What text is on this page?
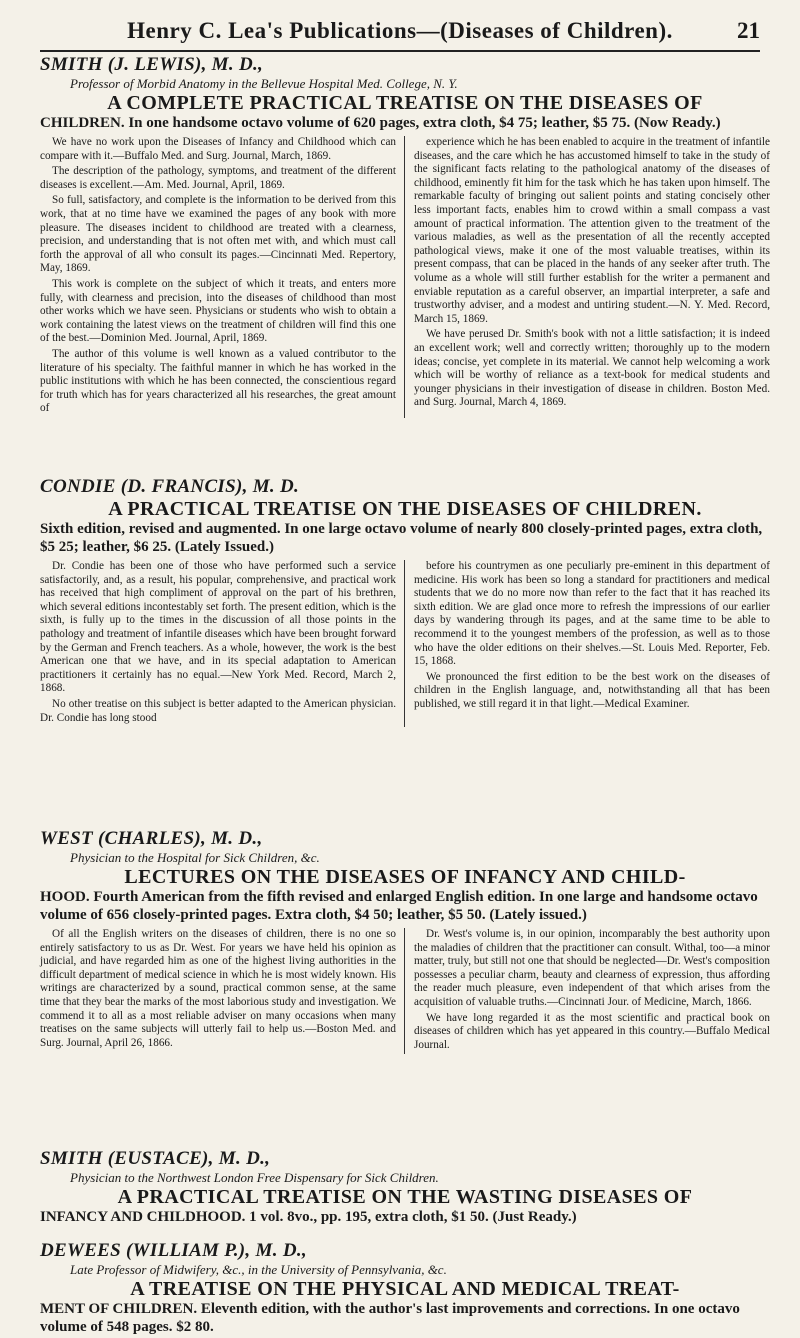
Henry C. Lea's Publications—(Diseases of Children).	21
SMITH (J. LEWIS), M. D.,
Professor of Morbid Anatomy in the Bellevue Hospital Med. College, N. Y.
A COMPLETE PRACTICAL TREATISE ON THE DISEASES OF
CHILDREN. In one handsome octavo volume of 620 pages, extra cloth, $4 75; leather, $5 75. (Now Ready.)

We have no work upon the Diseases of Infancy and Childhood which can compare with it.—Buffalo Med. and Surg. Journal, March, 1869.

The description of the pathology, symptoms, and treatment of the different diseases is excellent.—Am. Med. Journal, April, 1869.

So full, satisfactory, and complete is the information to be derived from this work, that at no time have we examined the pages of any book with more pleasure. The diseases incident to childhood are treated with a clearness, precision, and understanding that is not often met with, and which must call forth the approval of all who consult its pages.—Cincinnati Med. Repertory, May, 1869.

This work is complete on the subject of which it treats, and enters more fully, with clearness and precision, into the diseases of childhood than most other works which we have seen. Physicians or students who wish to obtain a work containing the latest views on the treatment of children will find this one of the best.—Dominion Med. Journal, April, 1869.

The author of this volume is well known as a valued contributor to the literature of his specialty. The faithful manner in which he has worked in the public institutions with which he has been connected, the conscientious regard for truth which has for years characterized all his researches, the great amount of

experience which he has been enabled to acquire in the treatment of infantile diseases, and the care which he has accustomed himself to take in the study of the significant facts relating to the pathological anatomy of the diseases of childhood, eminently fit him for the task which he has taken upon himself. The remarkable faculty of bringing out salient points and stating concisely other less important facts, enables him to crowd within a small compass a vast amount of practical information. The attention given to the treatment of the various maladies, as well as the presentation of all the recently accepted pathological views, make it one of the most valuable treatises, within its present compass, that can be placed in the hands of any seeker after truth. The volume as a whole will still further establish for the writer a permanent and enviable reputation as a careful observer, an impartial interpreter, a safe and trustworthy adviser, and a modest and untiring student.—N. Y. Med. Record, March 15, 1869.

We have perused Dr. Smith's book with not a little satisfaction; it is indeed an excellent work; well and correctly written; thoroughly up to the modern ideas; concise, yet complete in its material. We cannot help welcoming a work which will be worthy of reliance as a text-book for medical students and younger physicians in their investigation of disease in children. Boston Med. and Surg. Journal, March 4, 1869.

CONDIE (D. FRANCIS), M. D.
A PRACTICAL TREATISE ON THE DISEASES OF CHILDREN.
Sixth edition, revised and augmented. In one large octavo volume of nearly 800 closely-printed pages, extra cloth, $5 25; leather, $6 25. (Lately Issued.)

Dr. Condie has been one of those who have performed such a service satisfactorily, and, as a result, his popular, comprehensive, and practical work has received that high compliment of approval on the part of his brethren, which several editions incontestably set forth. The present edition, which is the sixth, is fully up to the times in the discussion of all those points in the pathology and treatment of infantile diseases which have been brought forward by the German and French teachers. As a whole, however, the work is the best American one that we have, and in its special adaptation to American practitioners it certainly has no equal.—New York Med. Record, March 2, 1868.

No other treatise on this subject is better adapted to the American physician. Dr. Condie has long stood

before his countrymen as one peculiarly pre-eminent in this department of medicine. His work has been so long a standard for practitioners and medical students that we do no more now than refer to the fact that it has reached its sixth edition. We are glad once more to refresh the impressions of our earlier days by wandering through its pages, and at the same time to be able to recommend it to the youngest members of the profession, as well as to those who have the older editions on their shelves.—St. Louis Med. Reporter, Feb. 15, 1868.

We pronounced the first edition to be the best work on the diseases of children in the English language, and, notwithstanding all that has been published, we still regard it in that light.—Medical Examiner.

WEST (CHARLES), M. D.,
Physician to the Hospital for Sick Children, &c.
LECTURES ON THE DISEASES OF INFANCY AND CHILD-
HOOD. Fourth American from the fifth revised and enlarged English edition. In one large and handsome octavo volume of 656 closely-printed pages. Extra cloth, $4 50; leather, $5 50. (Lately issued.)

Of all the English writers on the diseases of children, there is no one so entirely satisfactory to us as Dr. West. For years we have held his opinion as judicial, and have regarded him as one of the highest living authorities in the difficult department of medical science in which he is most widely known. His writings are characterized by a sound, practical common sense, at the same time that they bear the marks of the most laborious study and investigation. We commend it to all as a most reliable adviser on many occasions when many treatises on the same subjects will utterly fail to help us.—Boston Med. and Surg. Journal, April 26, 1866.

Dr. West's volume is, in our opinion, incomparably the best authority upon the maladies of children that the practitioner can consult. Withal, too—a minor matter, truly, but still not one that should be neglected—Dr. West's composition possesses a peculiar charm, beauty and clearness of expression, thus affording the reader much pleasure, even independent of that which arises from the acquisition of valuable truths.—Cincinnati Jour. of Medicine, March, 1866.

We have long regarded it as the most scientific and practical book on diseases of children which has yet appeared in this country.—Buffalo Medical Journal.

SMITH (EUSTACE), M. D.,
Physician to the Northwest London Free Dispensary for Sick Children.
A PRACTICAL TREATISE ON THE WASTING DISEASES OF
INFANCY AND CHILDHOOD. 1 vol. 8vo., pp. 195, extra cloth, $1 50. (Just Ready.)
DEWEES (WILLIAM P.), M. D.,
Late Professor of Midwifery, &c., in the University of Pennsylvania, &c.
A TREATISE ON THE PHYSICAL AND MEDICAL TREAT-
MENT OF CHILDREN. Eleventh edition, with the author's last improvements and corrections. In one octavo volume of 548 pages. $2 80.
